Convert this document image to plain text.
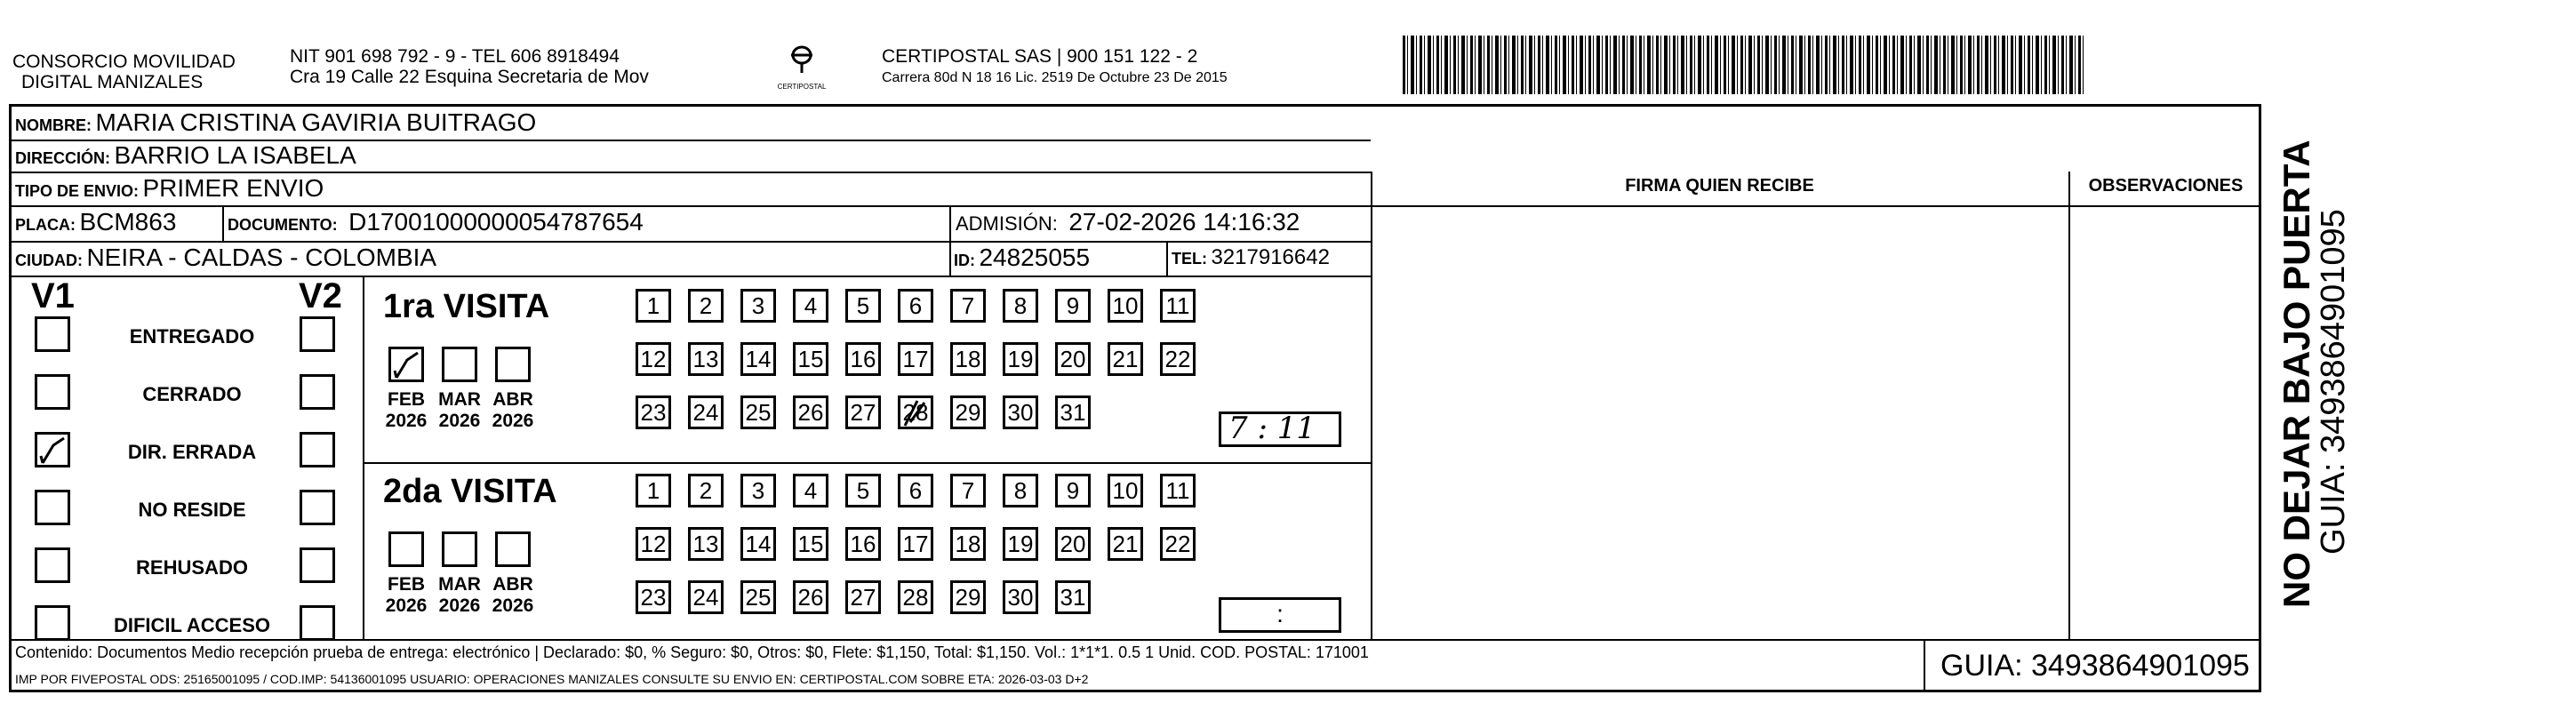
CONSORCIO MOVILIDAD
DIGITAL MANIZALES
NIT 901 698 792 - 9 - TEL 606 8918494
Cra 19 Calle 22 Esquina Secretaria de Mov	CERTIPOSTAL
CERTIPOSTAL SAS | 900 151 122 - 2
Carrera 80d N 18 16 Lic. 2519 De Octubre 23 De 2015
NOMBRE: MARIA CRISTINA GAVIRIA BUITRAGO
DIRECCIÓN: BARRIO LA ISABELA
TIPO DE ENVIO: PRIMER ENVIO	FIRMA QUIEN RECIBE	OBSERVACIONES
PLACA: BCM863	DOCUMENTO: D17001000000054787654	ADMISIÓN: 27-02-2026 14:16:32
CIUDAD: NEIRA - CALDAS - COLOMBIA	ID: 24825055	TEL: 3217916642
V1	V2 1ra VISITA
2da VISITA
7 : 11
:
Contenido: Documentos Medio recepción prueba de entrega: electrónico | Declarado: $0, % Seguro: $0, Otros: $0, Flete: $1,150, Total: $1,150. Vol.: 1*1*1. 0.5 1 Unid. COD. POSTAL: 171001
IMP POR FIVEPOSTAL ODS: 25165001095 / COD.IMP: 54136001095 USUARIO: OPERACIONES MANIZALES CONSULTE SU ENVIO EN: CERTIPOSTAL.COM SOBRE ETA: 2026-03-03 D+2	GUIA: 3493864901095
ENTREGADO
CERRADO
DIR. ERRADA
NO RESIDE
REHUSADO
DIFICIL ACCESO
FEB
2026
MAR
2026
ABR
2026
FEB
2026
MAR
2026
ABR
2026
1	2	3	4	5	6	7	8	9	10 11
12 13 14 15 16 17 18 19 20 21 22
23 24 25 26 27 28 29 30 31
1	2	3	4	5	6	7	8	9	10 11
12 13 14 15 16 17 18 19 20 21 22
23 24 25 26 27 28 29 30 31	NO DEJAR BAJO PUERTA
GUIA: 3493864901095
